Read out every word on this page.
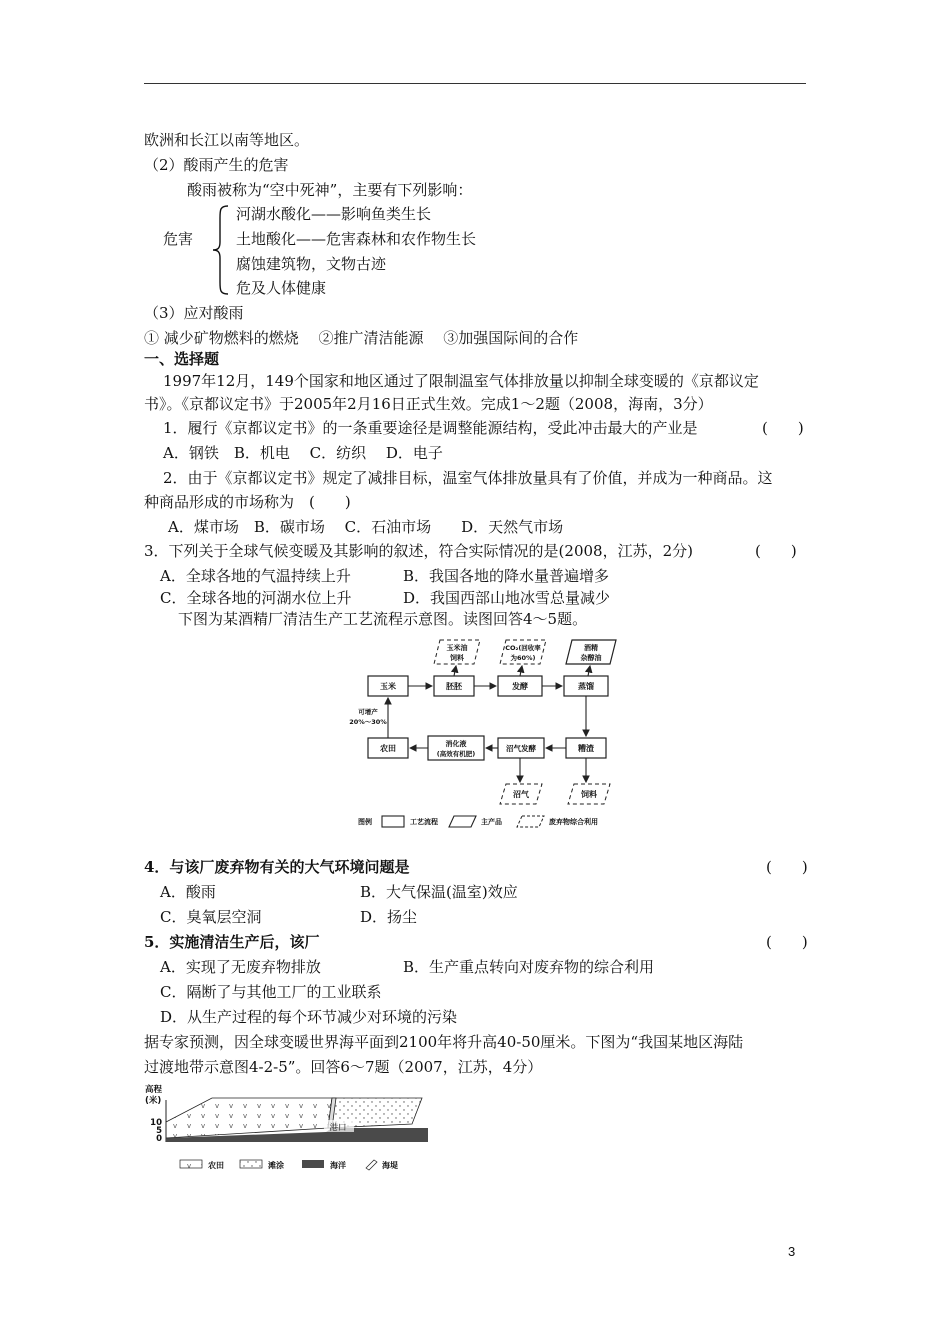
欧洲和长江以南等地区。
（2）酸雨产生的危害
酸雨被称为“空中死神”，主要有下列影响：
危害
河湖水酸化——影响鱼类生长
土地酸化——危害森林和农作物生长
腐蚀建筑物，文物古迹
危及人体健康
（3）应对酸雨
① 减少矿物燃料的燃烧　 ②推广清洁能源　 ③加强国际间的合作
一、选择题
1997年12月，149个国家和地区通过了限制温室气体排放量以抑制全球变暖的《京都议定
书》。《京都议定书》于2005年2月16日正式生效。完成1～2题（2008，海南，3分）
1．履行《京都议定书》的一条重要途径是调整能源结构，受此冲击最大的产业是	(　　)
A．钢铁　B．机电　 C．纺织　 D．电子
2．由于《京都议定书》规定了减排目标，温室气体排放量具有了价值，并成为一种商品。这
种商品形成的市场称为　(　　)
A．煤市场　B．碳市场　 C．石油市场　　D．天然气市场
3．下列关于全球气候变暖及其影响的叙述，符合实际情况的是(2008，江苏，2分)	(　　)
A．全球各地的气温持续上升	B．我国各地的降水量普遍增多
C．全球各地的河湖水位上升	D．我国西部山地冰雪总量减少
下图为某酒精厂清洁生产工艺流程示意图。读图回答4～5题。
玉米	胚胚	发酵	蒸馏
玉米油
饲料
CO₂(回收率
为60%)
酒精
杂醇油
农田	消化液
(高效有机肥)
沼气发酵	糟渣
沼气	饲料
可增产
20%～30%
图例	工艺流程	主产品	废弃物综合利用
4．与该厂废弃物有关的大气环境问题是	(　　)
A．酸雨	B．大气保温(温室)效应
C．臭氧层空洞	D．扬尘
5．实施清洁生产后，该厂	(　　)
A．实现了无废弃物排放	B．生产重点转向对废弃物的综合利用
C．隔断了与其他工厂的工业联系
D．从生产过程的每个环节减少对环境的污染
据专家预测，因全球变暖世界海平面到2100年将升高40-50厘米。下图为“我国某地区海陆
过渡地带示意图4-2-5”。回答6～7题（2007，江苏，4分）
高程
(米)
10
5
0
港口
农田	滩涂	海洋	海堤
3
